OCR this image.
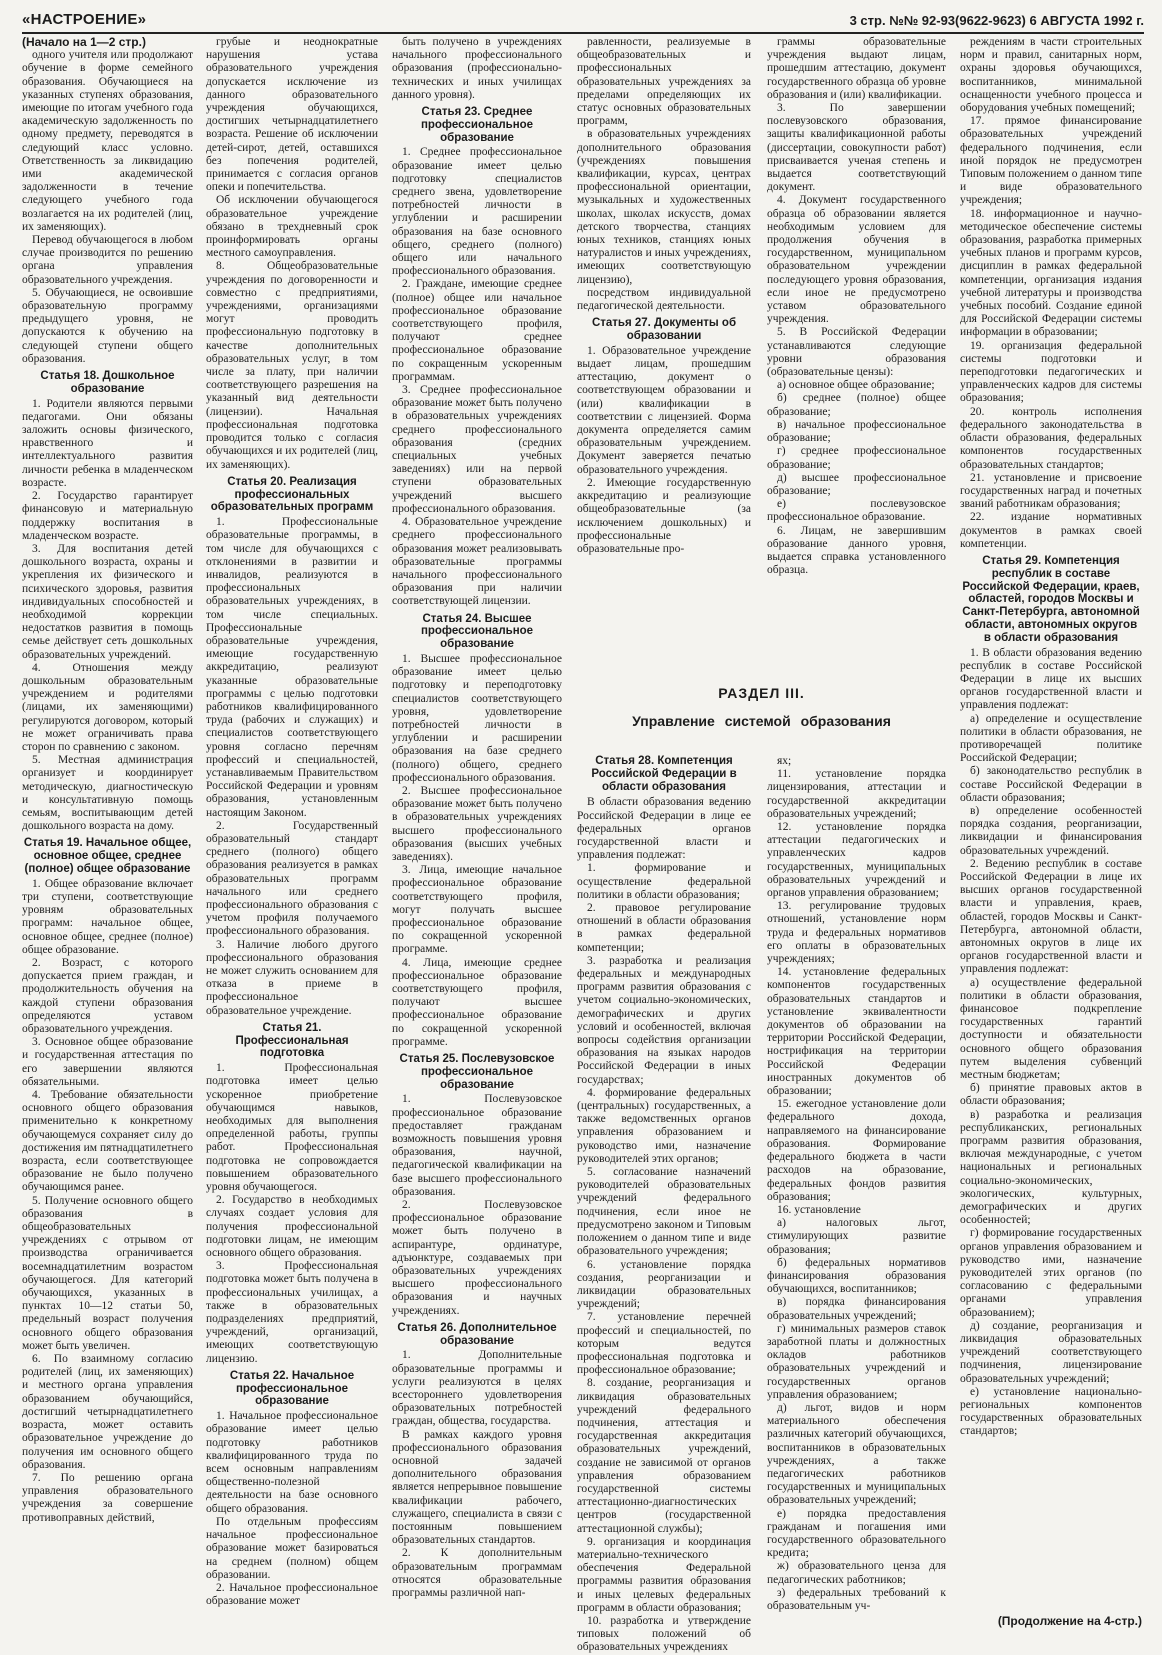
«НАСТРОЕНИЕ»	3 стр. №№ 92-93(9622-9623) 6 АВГУСТА 1992 г.

(Начало на 1—2 стр.)

одного учителя или продолжают обучение в форме семейного образования. Обучающиеся на указанных ступенях образования, имеющие по итогам учебного года академическую задолженность по одному предмету, переводятся в следующий класс условно. Ответственность за ликвидацию ими академической задолженности в течение следующего учебного года возлагается на их родителей (лиц, их заменяющих).

Перевод обучающегося в любом случае производится по решению органа управления образовательного учреждения.

5. Обучающиеся, не освоившие образовательную программу предыдущего уровня, не допускаются к обучению на следующей ступени общего образования.

Статья 18. Дошкольное образование

1. Родители являются первыми педагогами. Они обязаны заложить основы физического, нравственного и интеллектуального развития личности ребенка в младенческом возрасте.

2. Государство гарантирует финансовую и материальную поддержку воспитания в младенческом возрасте.

3. Для воспитания детей дошкольного возраста, охраны и укрепления их физического и психического здоровья, развития индивидуальных способностей и необходимой коррекции недостатков развития в помощь семье действует сеть дошкольных образовательных учреждений.

4. Отношения между дошкольным образовательным учреждением и родителями (лицами, их заменяющими) регулируются договором, который не может ограничивать права сторон по сравнению с законом.

5. Местная администрация организует и координирует методическую, диагностическую и консультативную помощь семьям, воспитывающим детей дошкольного возраста на дому.

Статья 19. Начальное общее, основное общее, среднее (полное) общее образование

1. Общее образование включает три ступени, соответствующие уровням образовательных программ: начальное общее, основное общее, среднее (полное) общее образование.

2. Возраст, с которого допускается прием граждан, и продолжительность обучения на каждой ступени образования определяются уставом образовательного учреждения.

3. Основное общее образование и государственная аттестация по его завершении являются обязательными.

4. Требование обязательности основного общего образования применительно к конкретному обучающемуся сохраняет силу до достижения им пятнадцатилетнего возраста, если соответствующее образование не было получено обучающимся ранее.

5. Получение основного общего образования в общеобразовательных учреждениях с отрывом от производства ограничивается восемнадцатилетним возрастом обучающегося. Для категорий обучающихся, указанных в пунктах 10—12 статьи 50, предельный возраст получения основного общего образования может быть увеличен.

6. По взаимному согласию родителей (лиц, их заменяющих) и местного органа управления образованием обучающийся, достигший четырнадцатилетнего возраста, может оставить образовательное учреждение до получения им основного общего образования.

7. По решению органа управления образовательного учреждения за совершение противоправных действий,

грубые и неоднократные нарушения устава образовательного учреждения допускается исключение из данного образовательного учреждения обучающихся, достигших четырнадцатилетнего возраста. Решение об исключении детей-сирот, детей, оставшихся без попечения родителей, принимается с согласия органов опеки и попечительства.

Об исключении обучающегося образовательное учреждение обязано в трехдневный срок проинформировать органы местного самоуправления.

8. Общеобразовательные учреждения по договоренности и совместно с предприятиями, учреждениями, организациями могут проводить профессиональную подготовку в качестве дополнительных образовательных услуг, в том числе за плату, при наличии соответствующего разрешения на указанный вид деятельности (лицензии). Начальная профессиональная подготовка проводится только с согласия обучающихся и их родителей (лиц, их заменяющих).

Статья 20. Реализация профессиональных образовательных программ

1. Профессиональные образовательные программы, в том числе для обучающихся с отклонениями в развитии и инвалидов, реализуются в профессиональных образовательных учреждениях, в том числе специальных. Профессиональные образовательные учреждения, имеющие государственную аккредитацию, реализуют указанные образовательные программы с целью подготовки работников квалифицированного труда (рабочих и служащих) и специалистов соответствующего уровня согласно перечням профессий и специальностей, устанавливаемым Правительством Российской Федерации и уровням образования, установленным настоящим Законом.

2. Государственный образовательный стандарт среднего (полного) общего образования реализуется в рамках образовательных программ начального или среднего профессионального образования с учетом профиля получаемого профессионального образования.

3. Наличие любого другого профессионального образования не может служить основанием для отказа в приеме в профессиональное образовательное учреждение.

Статья 21. Профессиональная подготовка

1. Профессиональная подготовка имеет целью ускоренное приобретение обучающимся навыков, необходимых для выполнения определенной работы, группы работ. Профессиональная подготовка не сопровождается повышением образовательного уровня обучающегося.

2. Государство в необходимых случаях создает условия для получения профессиональной подготовки лицам, не имеющим основного общего образования.

3. Профессиональная подготовка может быть получена в профессиональных училищах, а также в образовательных подразделениях предприятий, учреждений, организаций, имеющих соответствующую лицензию.

Статья 22. Начальное профессиональное образование

1. Начальное профессиональное образование имеет целью подготовку работников квалифицированного труда по всем основным направлениям общественно-полезной деятельности на базе основного общего образования.

По отдельным профессиям начальное профессиональное образование может базироваться на среднем (полном) общем образовании.

2. Начальное профессиональное образование может

быть получено в учреждениях начального профессионального образования (профессионально-технических и иных училищах данного уровня).

Статья 23. Среднее профессиональное образование

1. Среднее профессиональное образование имеет целью подготовку специалистов среднего звена, удовлетворение потребностей личности в углублении и расширении образования на базе основного общего, среднего (полного) общего или начального профессионального образования.

2. Граждане, имеющие среднее (полное) общее или начальное профессиональное образование соответствующего профиля, получают среднее профессиональное образование по сокращенным ускоренным программам.

3. Среднее профессиональное образование может быть получено в образовательных учреждениях среднего профессионального образования (средних специальных учебных заведениях) или на первой ступени образовательных учреждений высшего профессионального образования.

4. Образовательное учреждение среднего профессионального образования может реализовывать образовательные программы начального профессионального образования при наличии соответствующей лицензии.

Статья 24. Высшее профессиональное образование

1. Высшее профессиональное образование имеет целью подготовку и переподготовку специалистов соответствующего уровня, удовлетворение потребностей личности в углублении и расширении образования на базе среднего (полного) общего, среднего профессионального образования.

2. Высшее профессиональное образование может быть получено в образовательных учреждениях высшего профессионального образования (высших учебных заведениях).

3. Лица, имеющие начальное профессиональное образование соответствующего профиля, могут получать высшее профессиональное образование по сокращенной ускоренной программе.

4. Лица, имеющие среднее профессиональное образование соответствующего профиля, получают высшее профессиональное образование по сокращенной ускоренной программе.

Статья 25. Послевузовское профессиональное образование

1. Послевузовское профессиональное образование предоставляет гражданам возможность повышения уровня образования, научной, педагогической квалификации на базе высшего профессионального образования.

2. Послевузовское профессиональное образование может быть получено в аспирантуре, ординатуре, адъюнктуре, создаваемых при образовательных учреждениях высшего профессионального образования и научных учреждениях.

Статья 26. Дополнительное образование

1. Дополнительные образовательные программы и услуги реализуются в целях всестороннего удовлетворения образовательных потребностей граждан, общества, государства.

В рамках каждого уровня профессионального образования основной задачей дополнительного образования является непрерывное повышение квалификации рабочего, служащего, специалиста в связи с постоянным повышением образовательных стандартов.

2. К дополнительным образовательным программам относятся образовательные программы различной нап-

равленности, реализуемые в общеобразовательных и профессиональных образовательных учреждениях за пределами определяющих их статус основных образовательных программ,

в образовательных учреждениях дополнительного образования (учреждениях повышения квалификации, курсах, центрах профессиональной ориентации, музыкальных и художественных школах, школах искусств, домах детского творчества, станциях юных техников, станциях юных натуралистов и иных учреждениях, имеющих соответствующую лицензию),

посредством индивидуальной педагогической деятельности.

Статья 27. Документы об образовании

1. Образовательное учреждение выдает лицам, прошедшим аттестацию, документ о соответствующем образовании и (или) квалификации в соответствии с лицензией. Форма документа определяется самим образовательным учреждением. Документ заверяется печатью образовательного учреждения.

2. Имеющие государственную аккредитацию и реализующие общеобразовательные (за исключением дошкольных) и профессиональные образовательные про-

граммы образовательные учреждения выдают лицам, прошедшим аттестацию, документ государственного образца об уровне образования и (или) квалификации.

3. По завершении послевузовского образования, защиты квалификационной работы (диссертации, совокупности работ) присваивается ученая степень и выдается соответствующий документ.

4. Документ государственного образца об образовании является необходимым условием для продолжения обучения в государственном, муниципальном образовательном учреждении последующего уровня образования, если иное не предусмотрено уставом образовательного учреждения.

5. В Российской Федерации устанавливаются следующие уровни образования (образовательные цензы):

а) основное общее образование;

б) среднее (полное) общее образование;

в) начальное профессиональное образование;

г) среднее профессиональное образование;

д) высшее профессиональное образование;

е) послевузовское профессиональное образование.

6. Лицам, не завершившим образование данного уровня, выдается справка установленного образца.

реждениям в части строительных норм и правил, санитарных норм, охраны здоровья обучающихся, воспитанников, минимальной оснащенности учебного процесса и оборудования учебных помещений;

17. прямое финансирование образовательных учреждений федерального подчинения, если иной порядок не предусмотрен Типовым положением о данном типе и виде образовательного учреждения;

18. информационное и научно-методическое обеспечение системы образования, разработка примерных учебных планов и программ курсов, дисциплин в рамках федеральной компетенции, организация издания учебной литературы и производства учебных пособий. Создание единой для Российской Федерации системы информации в образовании;

19. организация федеральной системы подготовки и переподготовки педагогических и управленческих кадров для системы образования;

20. контроль исполнения федерального законодательства в области образования, федеральных компонентов государственных образовательных стандартов;

21. установление и присвоение государственных наград и почетных званий работникам образования;

22. издание нормативных документов в рамках своей компетенции.

Статья 29. Компетенция республик в составе Российской Федерации, краев, областей, городов Москвы и Санкт-Петербурга, автономной области, автономных округов в области образования

1. В области образования ведению республик в составе Российской Федерации в лице их высших органов государственной власти и управления подлежат:

а) определение и осуществление политики в области образования, не противоречащей политике Российской Федерации;

б) законодательство республик в составе Российской Федерации в области образования;

в) определение особенностей порядка создания, реорганизации, ликвидации и финансирования образовательных учреждений.

2. Ведению республик в составе Российской Федерации в лице их высших органов государственной власти и управления, краев, областей, городов Москвы и Санкт-Петербурга, автономной области, автономных округов в лице их органов государственной власти и управления подлежат:

а) осуществление федеральной политики в области образования, финансовое подкрепление государственных гарантий доступности и обязательности основного общего образования путем выделения субвенций местным бюджетам;

б) принятие правовых актов в области образования;

в) разработка и реализация республиканских, региональных программ развития образования, включая международные, с учетом национальных и региональных социально-экономических, экологических, культурных, демографических и других особенностей;

г) формирование государственных органов управления образованием и руководство ими, назначение руководителей этих органов (по согласованию с федеральными органами управления образованием);

д) создание, реорганизация и ликвидация образовательных учреждений соответствующего подчинения, лицензирование образовательных учреждений;

е) установление национально-региональных компонентов государственных образовательных стандартов;

РАЗДЕЛ III.
Управление системой образования
Статья 28. Компетенция Российской Федерации в области образования

В области образования ведению Российской Федерации в лице ее федеральных органов государственной власти и управления подлежат:

1. формирование и осуществление федеральной политики в области образования;

2. правовое регулирование отношений в области образования в рамках федеральной компетенции;

3. разработка и реализация федеральных и международных программ развития образования с учетом социально-экономических, демографических и других условий и особенностей, включая вопросы содействия организации образования на языках народов Российской Федерации в иных государствах;

4. формирование федеральных (центральных) государственных, а также ведомственных органов управления образованием и руководство ими, назначение руководителей этих органов;

5. согласование назначений руководителей образовательных учреждений федерального подчинения, если иное не предусмотрено законом и Типовым положением о данном типе и виде образовательного учреждения;

6. установление порядка создания, реорганизации и ликвидации образовательных учреждений;

7. установление перечней профессий и специальностей, по которым ведутся профессиональная подготовка и профессиональное образование;

8. создание, реорганизация и ликвидация образовательных учреждений федерального подчинения, аттестация и государственная аккредитация образовательных учреждений, создание не зависимой от органов управления образованием государственной системы аттестационно-диагностических центров (государственной аттестационной службы);

9. организация и координация материально-технического обеспечения Федеральной программы развития образования и иных целевых федеральных программ в области образования;

10. разработка и утверждение типовых положений об образовательных учреждениях

ях;

11. установление порядка лицензирования, аттестации и государственной аккредитации образовательных учреждений;

12. установление порядка аттестации педагогических и управленческих кадров государственных, муниципальных образовательных учреждений и органов управления образованием;

13. регулирование трудовых отношений, установление норм труда и федеральных нормативов его оплаты в образовательных учреждениях;

14. установление федеральных компонентов государственных образовательных стандартов и установление эквивалентности документов об образовании на территории Российской Федерации, нострификация на территории Российской Федерации иностранных документов об образовании;

15. ежегодное установление доли федерального дохода, направляемого на финансирование образования. Формирование федерального бюджета в части расходов на образование, федеральных фондов развития образования;

16. установление

а) налоговых льгот, стимулирующих развитие образования;

б) федеральных нормативов финансирования образования обучающихся, воспитанников;

в) порядка финансирования образовательных учреждений;

г) минимальных размеров ставок заработной платы и должностных окладов работников образовательных учреждений и государственных органов управления образованием;

д) льгот, видов и норм материального обеспечения различных категорий обучающихся, воспитанников в образовательных учреждениях, а также педагогических работников государственных и муниципальных образовательных учреждений;

е) порядка предоставления гражданам и погашения ими государственного образовательного кредита;

ж) образовательного ценза для педагогических работников;

з) федеральных требований к образовательным уч-

(Продолжение на 4-стр.)
